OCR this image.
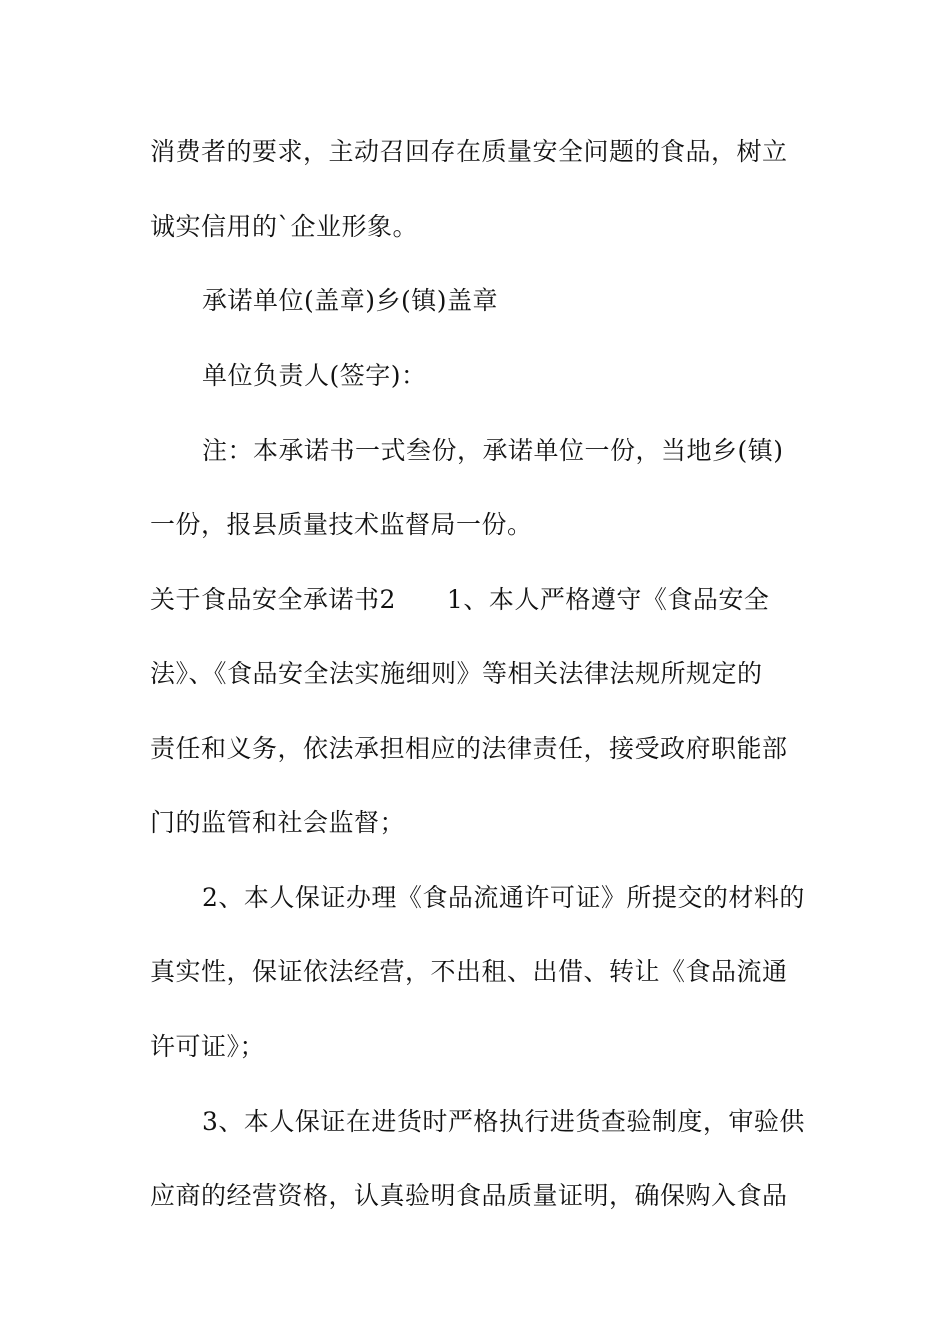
消费者的要求，主动召回存在质量安全问题的食品，树立
诚实信用的`企业形象。
承诺单位(盖章)乡(镇)盖章
单位负责人(签字)：
注：本承诺书一式叁份，承诺单位一份，当地乡(镇)
一份，报县质量技术监督局一份。
关于食品安全承诺书2　　1、本人严格遵守《食品安全
法》、《食品安全法实施细则》等相关法律法规所规定的
责任和义务，依法承担相应的法律责任，接受政府职能部
门的监管和社会监督；
2、本人保证办理《食品流通许可证》所提交的材料的
真实性，保证依法经营，不出租、出借、转让《食品流通
许可证》；
3、本人保证在进货时严格执行进货查验制度，审验供
应商的经营资格，认真验明食品质量证明，确保购入食品
